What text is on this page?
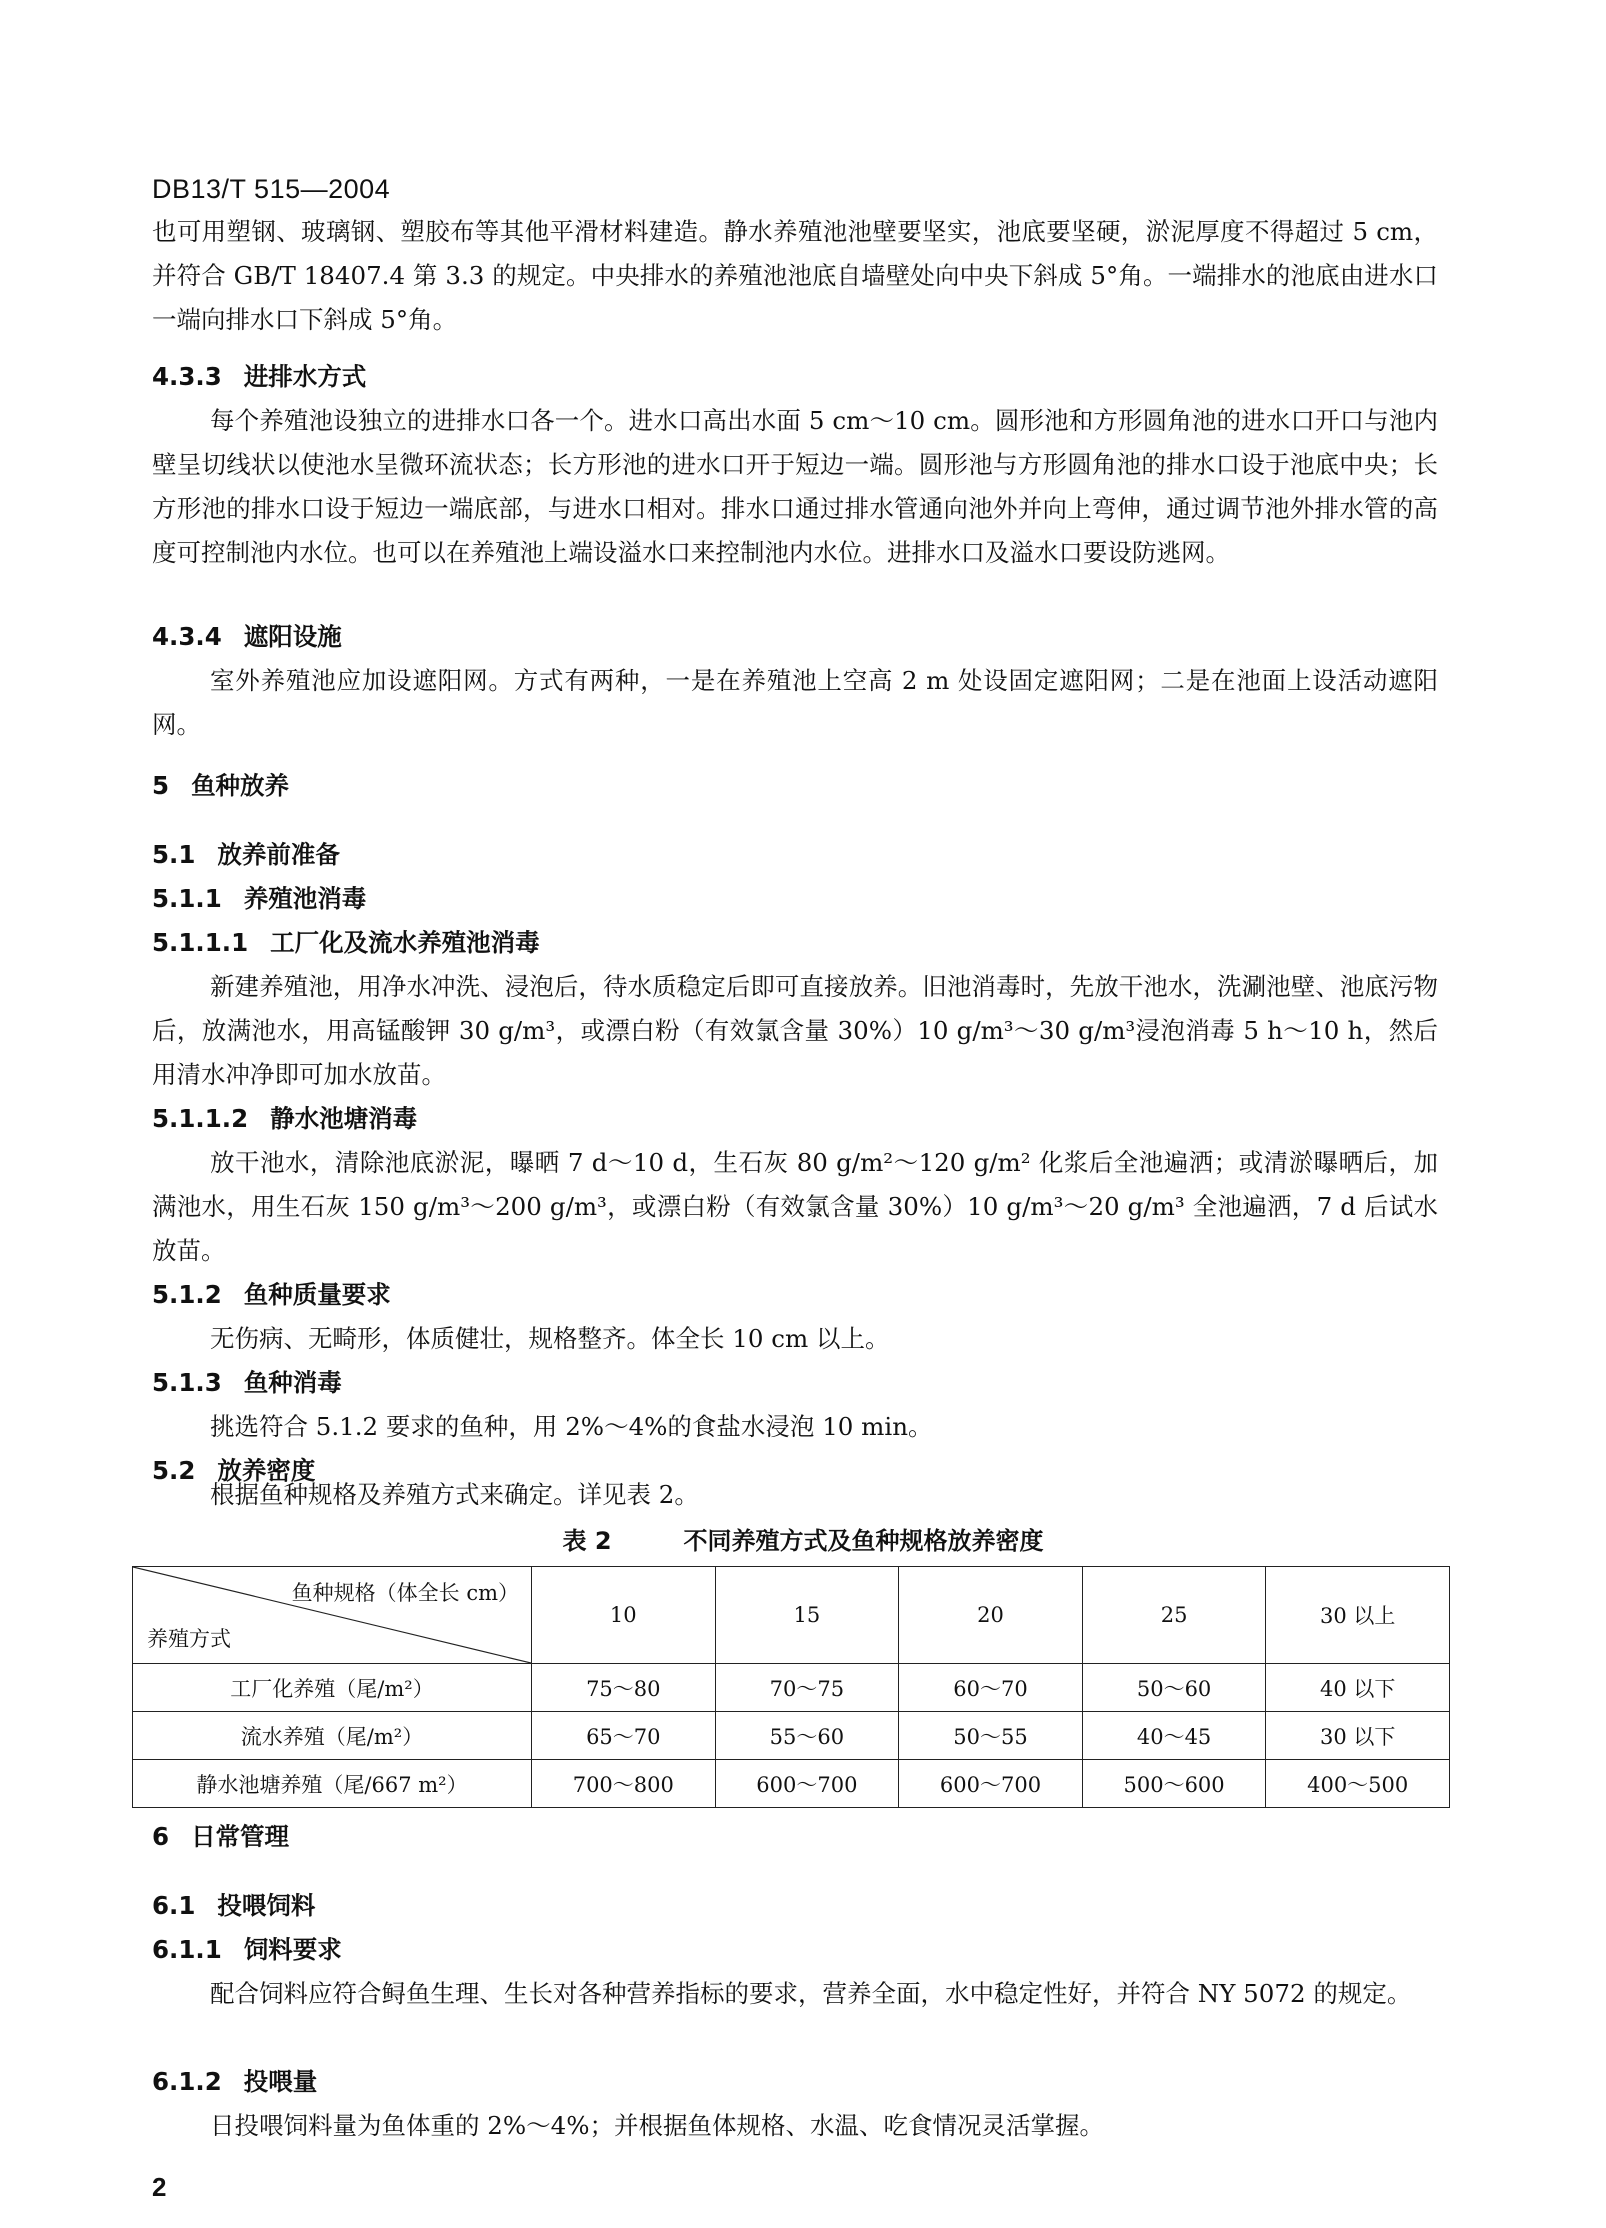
DB13/T 515—2004

也可用塑钢、玻璃钢、塑胶布等其他平滑材料建造。静水养殖池池壁要坚实，池底要坚硬，淤泥厚度不得超过 5 cm，并符合 GB/T 18407.4 第 3.3 的规定。中央排水的养殖池池底自墙壁处向中央下斜成 5°角。一端排水的池底由进水口一端向排水口下斜成 5°角。

4.3.3 进排水方式

每个养殖池设独立的进排水口各一个。进水口高出水面 5 cm～10 cm。圆形池和方形圆角池的进水口开口与池内壁呈切线状以使池水呈微环流状态；长方形池的进水口开于短边一端。圆形池与方形圆角池的排水口设于池底中央；长方形池的排水口设于短边一端底部，与进水口相对。排水口通过排水管通向池外并向上弯伸，通过调节池外排水管的高度可控制池内水位。也可以在养殖池上端设溢水口来控制池内水位。进排水口及溢水口要设防逃网。

4.3.4 遮阳设施

室外养殖池应加设遮阳网。方式有两种，一是在养殖池上空高 2 m 处设固定遮阳网；二是在池面上设活动遮阳网。

5 鱼种放养
5.1 放养前准备
5.1.1 养殖池消毒
5.1.1.1 工厂化及流水养殖池消毒

新建养殖池，用净水冲洗、浸泡后，待水质稳定后即可直接放养。旧池消毒时，先放干池水，洗涮池壁、池底污物后，放满池水，用高锰酸钾 30 g/m³，或漂白粉（有效氯含量 30%）10 g/m³～30 g/m³浸泡消毒 5 h～10 h，然后用清水冲净即可加水放苗。

5.1.1.2 静水池塘消毒

放干池水，清除池底淤泥，曝晒 7 d～10 d，生石灰 80 g/m²～120 g/m² 化浆后全池遍洒；或清淤曝晒后，加满池水，用生石灰 150 g/m³～200 g/m³，或漂白粉（有效氯含量 30%）10 g/m³～20 g/m³ 全池遍洒，7 d 后试水放苗。

5.1.2 鱼种质量要求

无伤病、无畸形，体质健壮，规格整齐。体全长 10 cm 以上。

5.1.3 鱼种消毒

挑选符合 5.1.2 要求的鱼种，用 2%～4%的食盐水浸泡 10 min。

5.2 放养密度

根据鱼种规格及养殖方式来确定。详见表 2。

表 2	不同养殖方式及鱼种规格放养密度
鱼种规格（体全长 cm）
养殖方式	10	15	20	25	30 以上
工厂化养殖（尾/m²）	75～80	70～75	60～70	50～60	40 以下
流水养殖（尾/m²）	65～70	55～60	50～55	40～45	30 以下
静水池塘养殖（尾/667 m²）	700～800	600～700	600～700	500～600	400～500
6 日常管理
6.1 投喂饲料
6.1.1 饲料要求

配合饲料应符合鲟鱼生理、生长对各种营养指标的要求，营养全面，水中稳定性好，并符合 NY 5072 的规定。

6.1.2 投喂量

日投喂饲料量为鱼体重的 2%～4%；并根据鱼体规格、水温、吃食情况灵活掌握。

2
